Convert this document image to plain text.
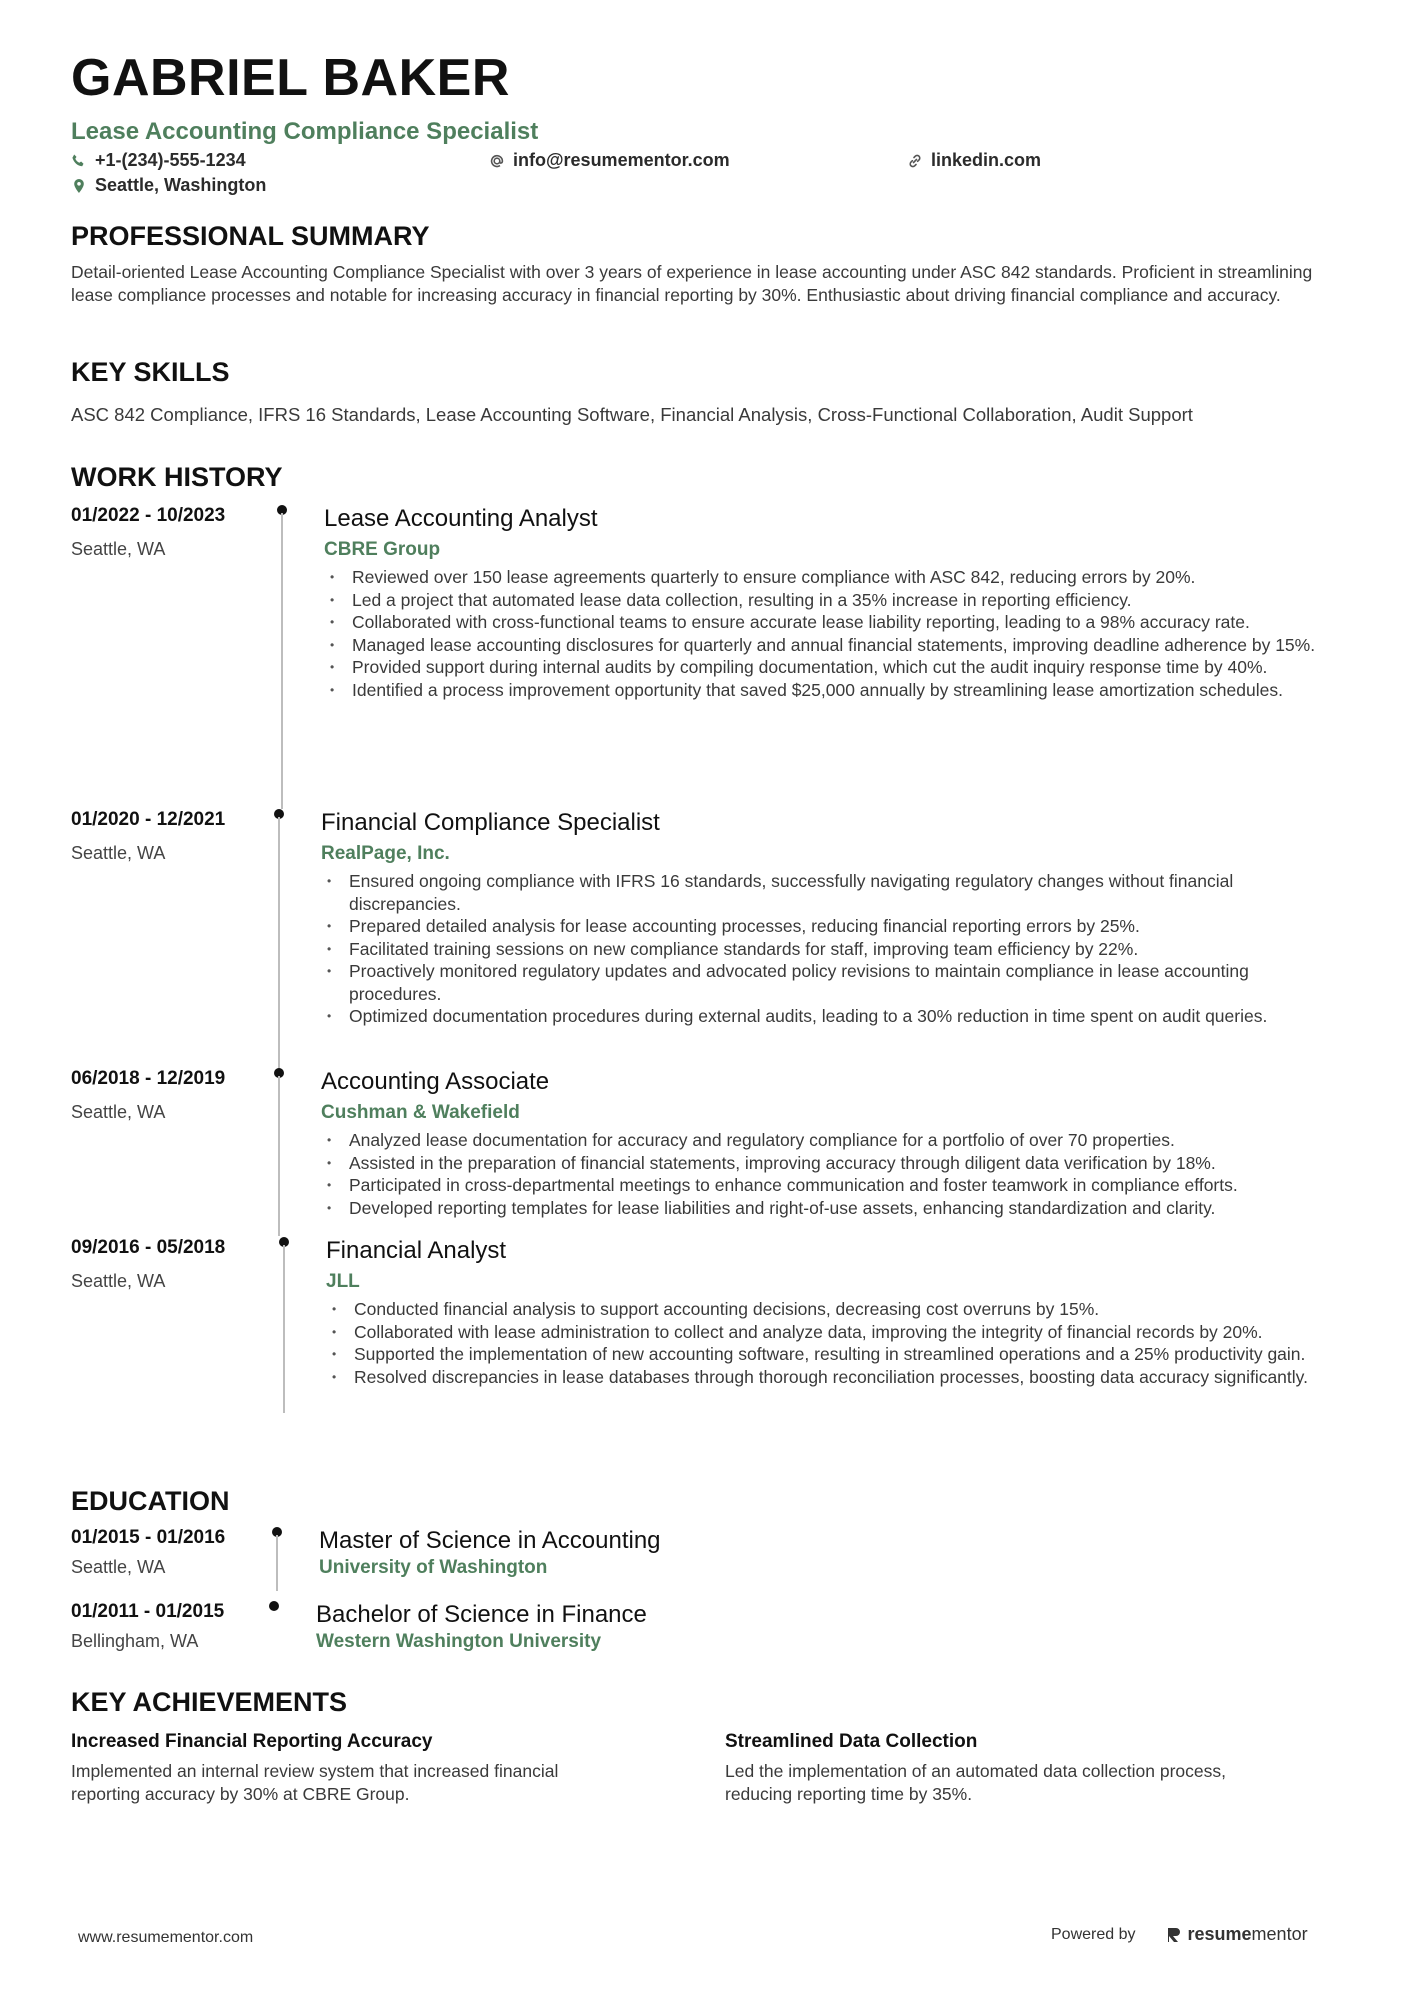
GABRIEL BAKER
Lease Accounting Compliance Specialist
+1-(234)-555-1234	info@resumementor.com	linkedin.com
Seattle, Washington
PROFESSIONAL SUMMARY

Detail-oriented Lease Accounting Compliance Specialist with over 3 years of experience in lease accounting under ASC 842 standards. Proficient in streamlining lease compliance processes and notable for increasing accuracy in financial reporting by 30%. Enthusiastic about driving financial compliance and accuracy.

KEY SKILLS

ASC 842 Compliance, IFRS 16 Standards, Lease Accounting Software, Financial Analysis, Cross-Functional Collaboration, Audit Support

WORK HISTORY
01/2022 - 10/2023
Seattle, WA
Lease Accounting Analyst
CBRE Group
• Reviewed over 150 lease agreements quarterly to ensure compliance with ASC 842, reducing errors by 20%.
• Led a project that automated lease data collection, resulting in a 35% increase in reporting efficiency.
• Collaborated with cross-functional teams to ensure accurate lease liability reporting, leading to a 98% accuracy rate.
• Managed lease accounting disclosures for quarterly and annual financial statements, improving deadline adherence by 15%.
• Provided support during internal audits by compiling documentation, which cut the audit inquiry response time by 40%.
• Identified a process improvement opportunity that saved $25,000 annually by streamlining lease amortization schedules.
01/2020 - 12/2021
Seattle, WA
Financial Compliance Specialist
RealPage, Inc.
• Ensured ongoing compliance with IFRS 16 standards, successfully navigating regulatory changes without financial discrepancies.
• Prepared detailed analysis for lease accounting processes, reducing financial reporting errors by 25%.
• Facilitated training sessions on new compliance standards for staff, improving team efficiency by 22%.
• Proactively monitored regulatory updates and advocated policy revisions to maintain compliance in lease accounting procedures.
• Optimized documentation procedures during external audits, leading to a 30% reduction in time spent on audit queries.
06/2018 - 12/2019
Seattle, WA
Accounting Associate
Cushman & Wakefield
• Analyzed lease documentation for accuracy and regulatory compliance for a portfolio of over 70 properties.
• Assisted in the preparation of financial statements, improving accuracy through diligent data verification by 18%.
• Participated in cross-departmental meetings to enhance communication and foster teamwork in compliance efforts.
• Developed reporting templates for lease liabilities and right-of-use assets, enhancing standardization and clarity.
09/2016 - 05/2018
Seattle, WA
Financial Analyst
JLL
• Conducted financial analysis to support accounting decisions, decreasing cost overruns by 15%.
• Collaborated with lease administration to collect and analyze data, improving the integrity of financial records by 20%.
• Supported the implementation of new accounting software, resulting in streamlined operations and a 25% productivity gain.
• Resolved discrepancies in lease databases through thorough reconciliation processes, boosting data accuracy significantly.
EDUCATION
01/2015 - 01/2016
Seattle, WA
Master of Science in Accounting
University of Washington
01/2011 - 01/2015
Bellingham, WA
Bachelor of Science in Finance
Western Washington University
KEY ACHIEVEMENTS
Increased Financial Reporting Accuracy
Implemented an internal review system that increased financial reporting accuracy by 30% at CBRE Group.
Streamlined Data Collection
Led the implementation of an automated data collection process, reducing reporting time by 35%.
www.resumementor.com	Powered by	resumementor
